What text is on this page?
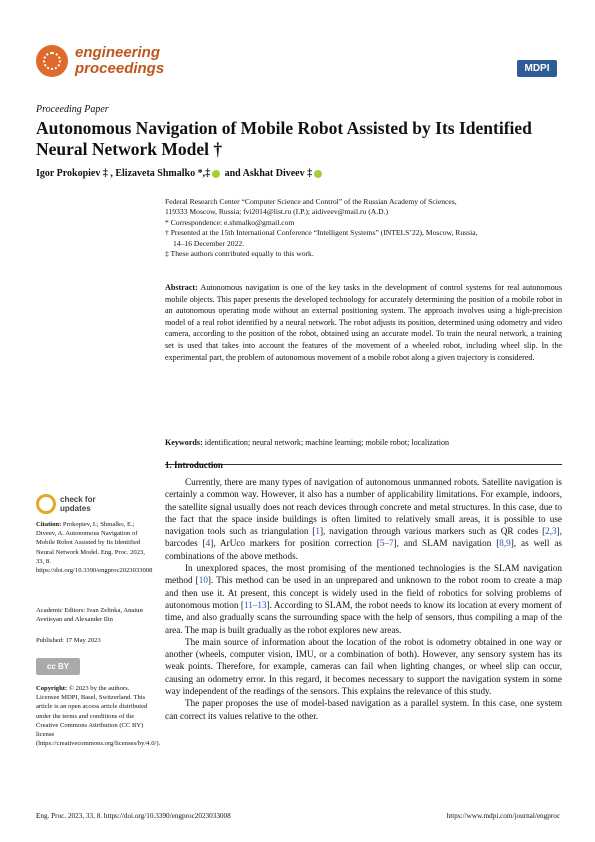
engineering
proceedings	MDPI
Proceeding Paper
Autonomous Navigation of Mobile Robot Assisted by Its Identified Neural Network Model †
Igor Prokopiev ‡ , Elizaveta Shmalko *,‡ and Askhat Diveev ‡
Federal Research Center “Computer Science and Control” of the Russian Academy of Sciences,
119333 Moscow, Russia; fvi2014@list.ru (I.P.); aidiveev@mail.ru (A.D.)
* Correspondence: e.shmalko@gmail.com
† Presented at the 15th International Conference “Intelligent Systems” (INTELS’22), Moscow, Russia,
14–16 December 2022.
‡ These authors contributed equally to this work.
Abstract: Autonomous navigation is one of the key tasks in the development of control systems for real autonomous mobile objects. This paper presents the developed technology for accurately determining the position of a mobile robot in an autonomous operating mode without an external positioning system. The approach involves using a high-precision model of a real robot identified by a neural network. The robot adjusts its position, determined using odometry and video camera, according to the position of the robot, obtained using an accurate model. To train the neural network, a training set is used that takes into account the features of the movement of a wheeled robot, including wheel slip. In the experimental part, the problem of autonomous movement of a mobile robot along a given trajectory is considered.
Keywords: identification; neural network; machine learning; mobile robot; localization
1. Introduction

Currently, there are many types of navigation of autonomous unmanned robots. Satellite navigation is certainly a common way. However, it also has a number of applicability limitations. For example, indoors, the satellite signal usually does not reach devices through concrete and metal structures. In this case, due to the fact that the space inside buildings is often limited to relatively small areas, it is possible to use navigation tools such as triangulation [1], navigation through various markers such as QR codes [2,3], barcodes [4], ArUco markers for position correction [5–7], and SLAM navigation [8,9], as well as combinations of the above methods.

In unexplored spaces, the most promising of the mentioned technologies is the SLAM navigation method [10]. This method can be used in an unprepared and unknown to the robot room to create a map and then use it. At present, this concept is widely used in the field of robotics for solving problems of autonomous motion [11–13]. According to SLAM, the robot needs to know its location at every moment of time, and also gradually scans the surrounding space with the help of sensors, thus compiling a map of the area. The map is built gradually as the robot explores new areas.

The main source of information about the location of the robot is odometry obtained in one way or another (wheels, computer vision, IMU, or a combination of both). However, any sensory system has its weak points. Therefore, for example, cameras can fail when lighting changes, or wheel slip can occur, causing an odometry error. In this regard, it becomes necessary to support the navigation system in some way independent of the readings of the sensors. This explains the relevance of this study.

The paper proposes the use of model-based navigation as a parallel system. In this case, one system can correct its values relative to the other.

check for
updates
Citation: Prokopiev, I.; Shmalko, E.; Diveev, A. Autonomous Navigation of Mobile Robot Assisted by Its Identified Neural Network Model. Eng. Proc. 2023, 33, 8. https://doi.org/10.3390/engproc2023033008
Academic Editors: Ivan Zelinka, Anatun Avetisyan and Alexander Ilin
Published: 17 May 2023
cc BY
Copyright: © 2023 by the authors. Licensee MDPI, Basel, Switzerland. This article is an open access article distributed under the terms and conditions of the Creative Commons Attribution (CC BY) license (https://creativecommons.org/licenses/by/4.0/).
Eng. Proc. 2023, 33, 8. https://doi.org/10.3390/engproc2023033008	https://www.mdpi.com/journal/engproc
